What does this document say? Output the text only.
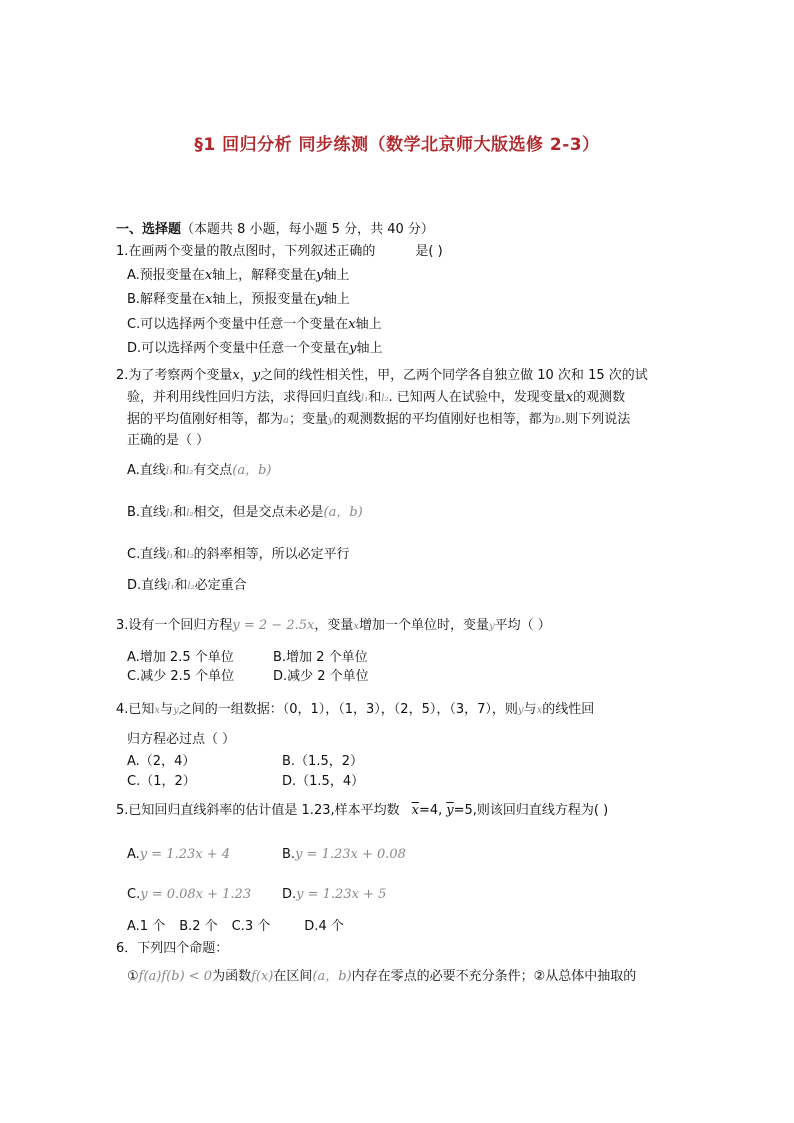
§1 回归分析 同步练测（数学北京师大版选修 2-3）
一、选择题（本题共 8 小题，每小题 5 分，共 40 分）
1.在画两个变量的散点图时，下列叙述正确的	是( )
A.预报变量在x轴上，解释变量在y轴上
B.解释变量在x轴上，预报变量在y轴上
C.可以选择两个变量中任意一个变量在x轴上
D.可以选择两个变量中任意一个变量在y轴上
2.为了考察两个变量x，y之间的线性相关性，甲，乙两个同学各自独立做 10 次和 15 次的试
验，并利用线性回归方法，求得回归直线l₁和l₂. 已知两人在试验中，发现变量x的观测数
据的平均值刚好相等，都为a；变量y的观测数据的平均值刚好也相等，都为b.则下列说法
正确的是（ ）
A.直线l₁和l₂有交点(a，b)
B.直线l₁和l₂相交，但是交点未必是(a，b)
C.直线l₁和l₂的斜率相等，所以必定平行
D.直线l₁和l₂必定重合
3.设有一个回归方程y = 2 − 2.5x，变量x增加一个单位时，变量y平均（ ）
A.增加 2.5 个单位	B.增加 2 个单位
C.减少 2.5 个单位	D.减少 2 个单位
4.已知x与y之间的一组数据：（0，1），（1，3），（2，5），（3，7），则y与x的线性回
归方程必过点（ ）
A.（2，4）	B.（1.5，2）
C.（1，2）	D.（1.5，4）
5.已知回归直线斜率的估计值是 1.23,样本平均数 $\overline{x}=4$, $\overline{y}=5$,则该回归直线方程为( )
A.y = 1.23x + 4	B.y = 1.23x + 0.08
C.y = 0.08x + 1.23 D.y = 1.23x + 5
A.1 个 B.2 个 C.3 个	D.4 个
6．下列四个命题：
①f(a)f(b) < 0为函数f(x)在区间(a，b)内存在零点的必要不充分条件；②从总体中抽取的
